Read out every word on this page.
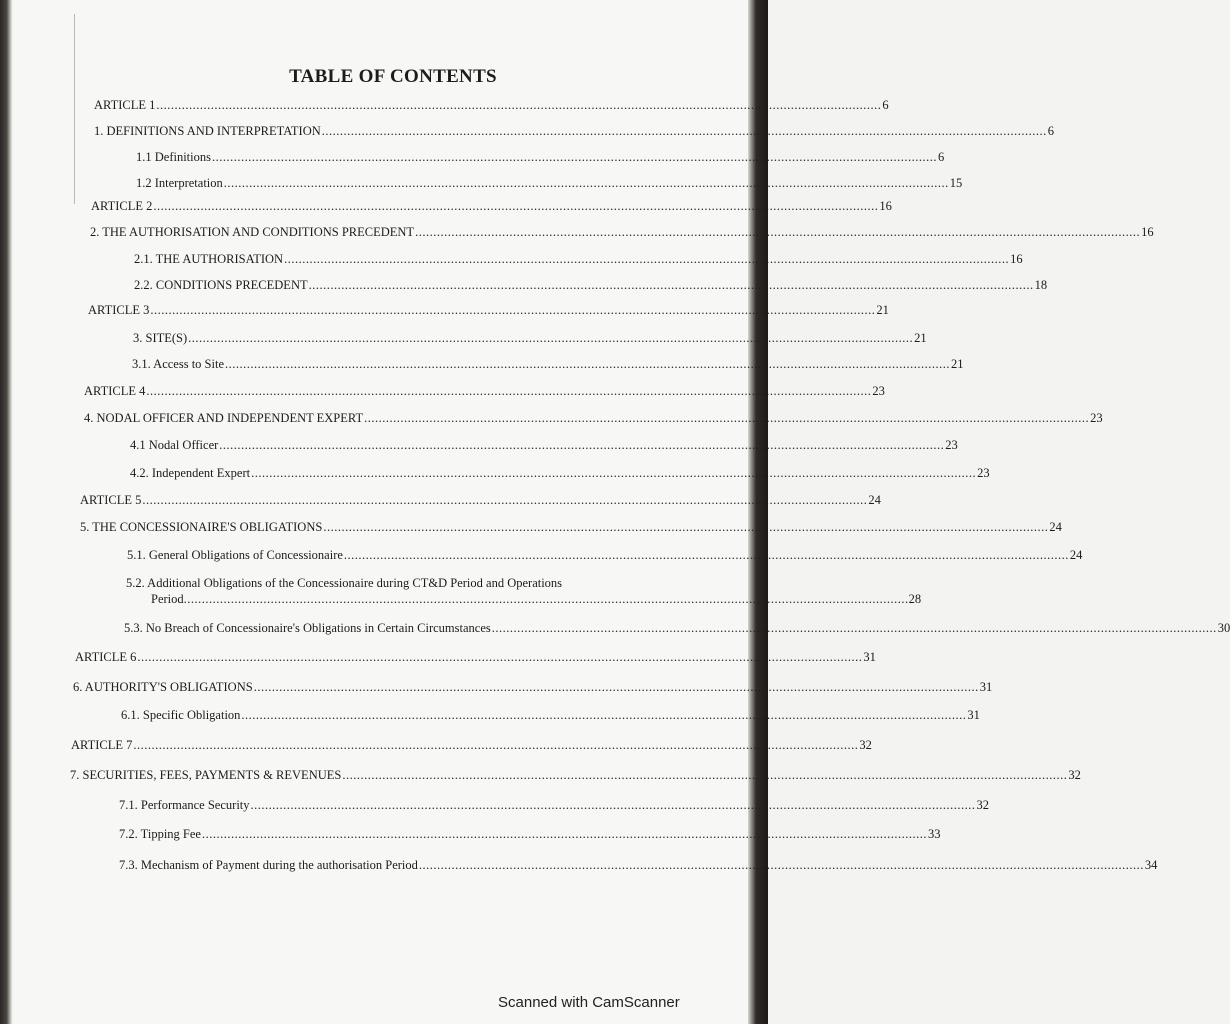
TABLE OF CONTENTS
ARTICLE 1 ........................................................................................................................................................................................................ 6
1. DEFINITIONS AND INTERPRETATION ........................................................................................................................................................................................................ 6
1.1 Definitions ........................................................................................................................................................................................................ 6
1.2 Interpretation ........................................................................................................................................................................................................ 15
ARTICLE 2 ........................................................................................................................................................................................................ 16
2. THE AUTHORISATION AND CONDITIONS PRECEDENT ........................................................................................................................................................................................................ 16
2.1. THE AUTHORISATION ........................................................................................................................................................................................................ 16
2.2. CONDITIONS PRECEDENT ........................................................................................................................................................................................................ 18
ARTICLE 3 ........................................................................................................................................................................................................ 21
3. SITE(S) ........................................................................................................................................................................................................ 21
3.1. Access to Site ........................................................................................................................................................................................................ 21
ARTICLE 4 ........................................................................................................................................................................................................ 23
4. NODAL OFFICER AND INDEPENDENT EXPERT ........................................................................................................................................................................................................ 23
4.1 Nodal Officer ........................................................................................................................................................................................................ 23
4.2. Independent Expert ........................................................................................................................................................................................................ 23
ARTICLE 5 ........................................................................................................................................................................................................ 24
5. THE CONCESSIONAIRE'S OBLIGATIONS ........................................................................................................................................................................................................ 24
5.1. General Obligations of Concessionaire ........................................................................................................................................................................................................ 24
5.2. Additional Obligations of the Concessionaire during CT&D Period and Operations
Period ........................................................................................................................................................................................................ 28
5.3. No Breach of Concessionaire's Obligations in Certain Circumstances ........................................................................................................................................................................................................ 30
ARTICLE 6 ........................................................................................................................................................................................................ 31
6. AUTHORITY'S OBLIGATIONS ........................................................................................................................................................................................................ 31
6.1. Specific Obligation ........................................................................................................................................................................................................ 31
ARTICLE 7 ........................................................................................................................................................................................................ 32
7. SECURITIES, FEES, PAYMENTS & REVENUES ........................................................................................................................................................................................................ 32
7.1. Performance Security ........................................................................................................................................................................................................ 32
7.2. Tipping Fee ........................................................................................................................................................................................................ 33
7.3. Mechanism of Payment during the authorisation Period ........................................................................................................................................................................................................ 34
Scanned with CamScanner
